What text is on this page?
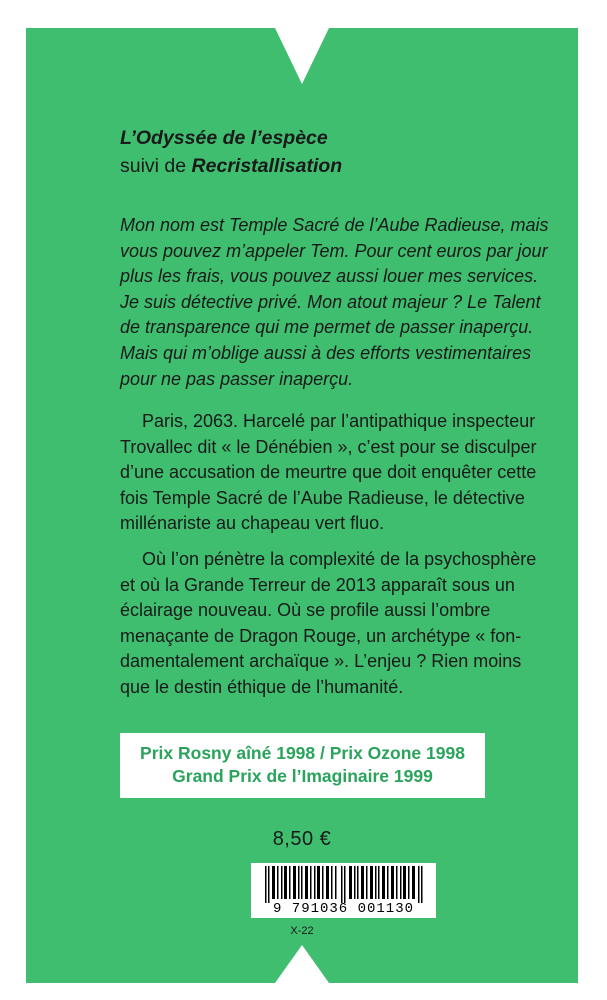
L’Odyssée de l’espèce
suivi de Recristallisation
Mon nom est Temple Sacré de l’Aube Radieuse, mais
vous pouvez m’appeler Tem. Pour cent euros par jour
plus les frais, vous pouvez aussi louer mes services.
Je suis détective privé. Mon atout majeur ? Le Talent
de transparence qui me permet de passer inaperçu.
Mais qui m’oblige aussi à des efforts vestimentaires
pour ne pas passer inaperçu.
Paris, 2063. Harcelé par l’antipathique inspecteur
Trovallec dit « le Dénébien », c’est pour se disculper
d’une accusation de meurtre que doit enquêter cette
fois Temple Sacré de l’Aube Radieuse, le détective
millénariste au chapeau vert fluo.
Où l’on pénètre la complexité de la psychosphère
et où la Grande Terreur de 2013 apparaît sous un
éclairage nouveau. Où se profile aussi l’ombre
menaçante de Dragon Rouge, un archétype « fon-
damentalement archaïque ». L’enjeu ? Rien moins
que le destin éthique de l’humanité.
Prix Rosny aîné 1998 / Prix Ozone 1998
Grand Prix de l’Imaginaire 1999
8,50 €
9 791036 001130
X-22
